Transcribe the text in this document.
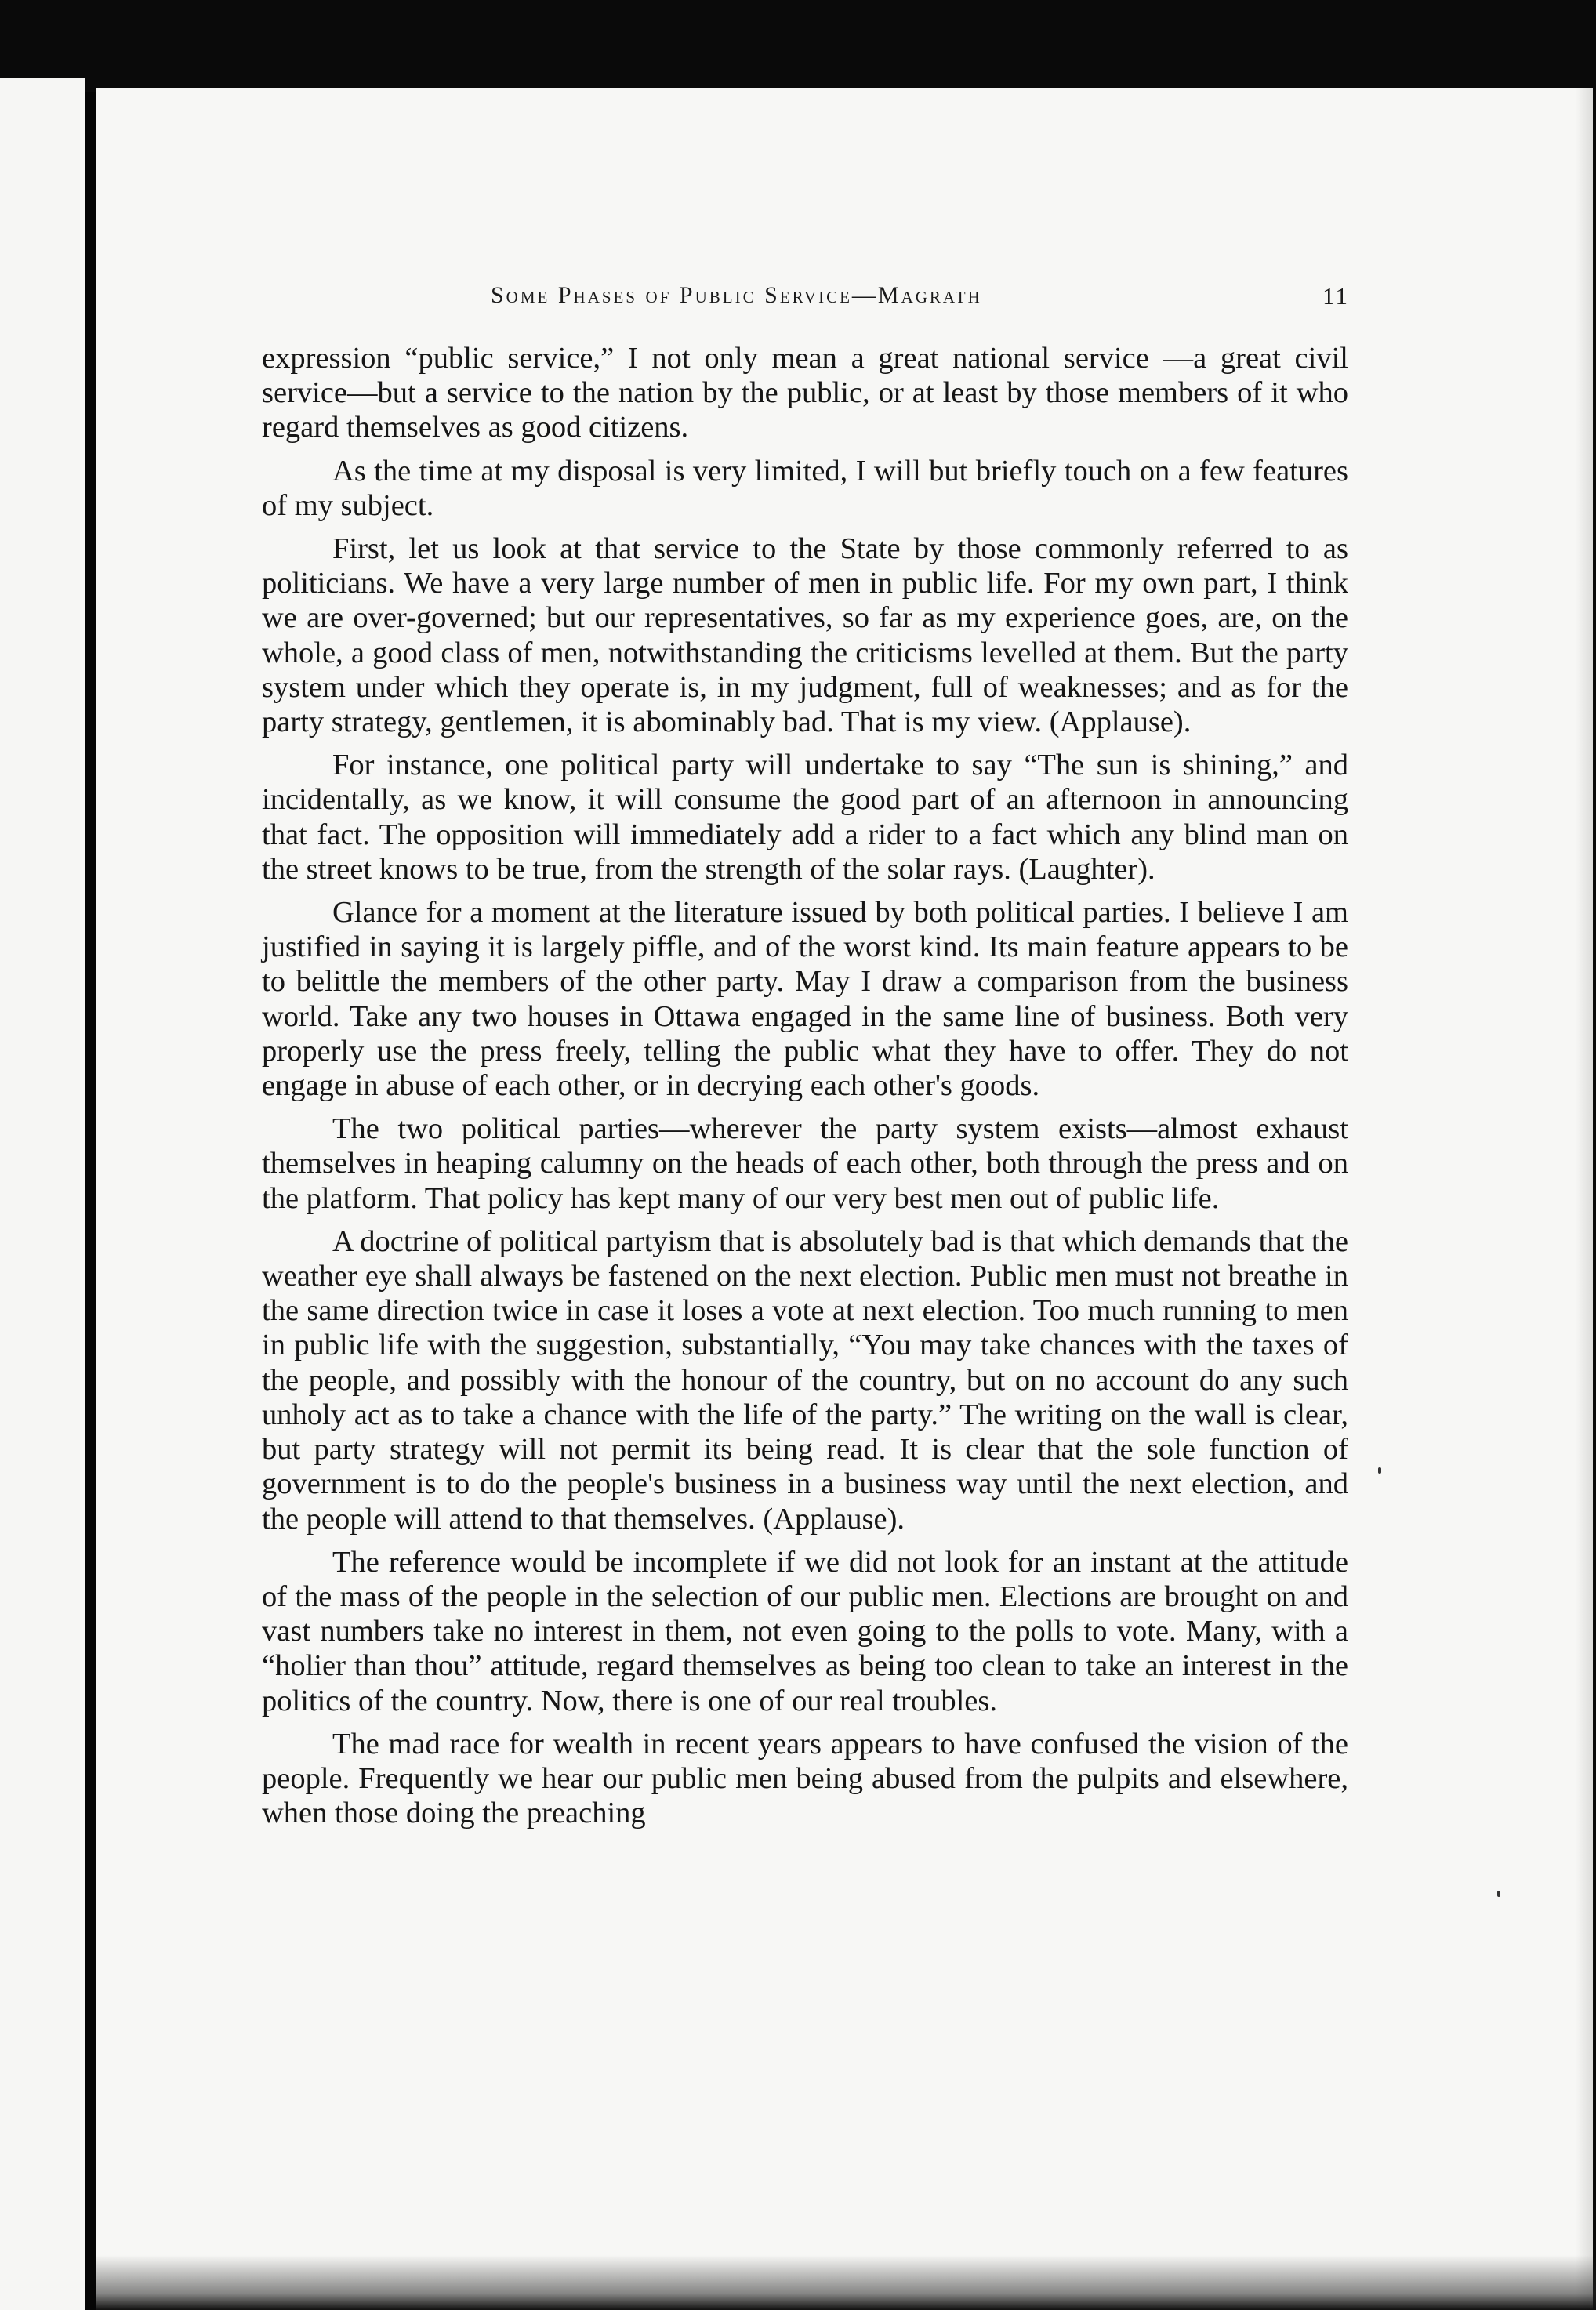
Some Phases of Public Service—Magrath	11

expression “public service,” I not only mean a great national service —a great civil service—but a service to the nation by the public, or at least by those members of it who regard themselves as good citizens.

As the time at my disposal is very limited, I will but briefly touch on a few features of my subject.

First, let us look at that service to the State by those commonly referred to as politicians. We have a very large number of men in public life. For my own part, I think we are over-governed; but our representatives, so far as my experience goes, are, on the whole, a good class of men, notwithstanding the criticisms levelled at them. But the party system under which they operate is, in my judgment, full of weaknesses; and as for the party strategy, gentlemen, it is abominably bad. That is my view. (Applause).

For instance, one political party will undertake to say “The sun is shining,” and incidentally, as we know, it will consume the good part of an afternoon in announcing that fact. The opposition will immediately add a rider to a fact which any blind man on the street knows to be true, from the strength of the solar rays. (Laughter).

Glance for a moment at the literature issued by both political parties. I believe I am justified in saying it is largely piffle, and of the worst kind. Its main feature appears to be to belittle the members of the other party. May I draw a comparison from the business world. Take any two houses in Ottawa engaged in the same line of business. Both very properly use the press freely, telling the public what they have to offer. They do not engage in abuse of each other, or in decrying each other's goods.

The two political parties—wherever the party system exists—almost exhaust themselves in heaping calumny on the heads of each other, both through the press and on the platform. That policy has kept many of our very best men out of public life.

A doctrine of political partyism that is absolutely bad is that which demands that the weather eye shall always be fastened on the next election. Public men must not breathe in the same direction twice in case it loses a vote at next election. Too much running to men in public life with the suggestion, substantially, “You may take chances with the taxes of the people, and possibly with the honour of the country, but on no account do any such unholy act as to take a chance with the life of the party.” The writing on the wall is clear, but party strategy will not permit its being read. It is clear that the sole function of government is to do the people's business in a business way until the next election, and the people will attend to that themselves. (Applause).

The reference would be incomplete if we did not look for an instant at the attitude of the mass of the people in the selection of our public men. Elections are brought on and vast numbers take no interest in them, not even going to the polls to vote. Many, with a “holier than thou” attitude, regard themselves as being too clean to take an interest in the politics of the country. Now, there is one of our real troubles.

The mad race for wealth in recent years appears to have confused the vision of the people. Frequently we hear our public men being abused from the pulpits and elsewhere, when those doing the preaching
